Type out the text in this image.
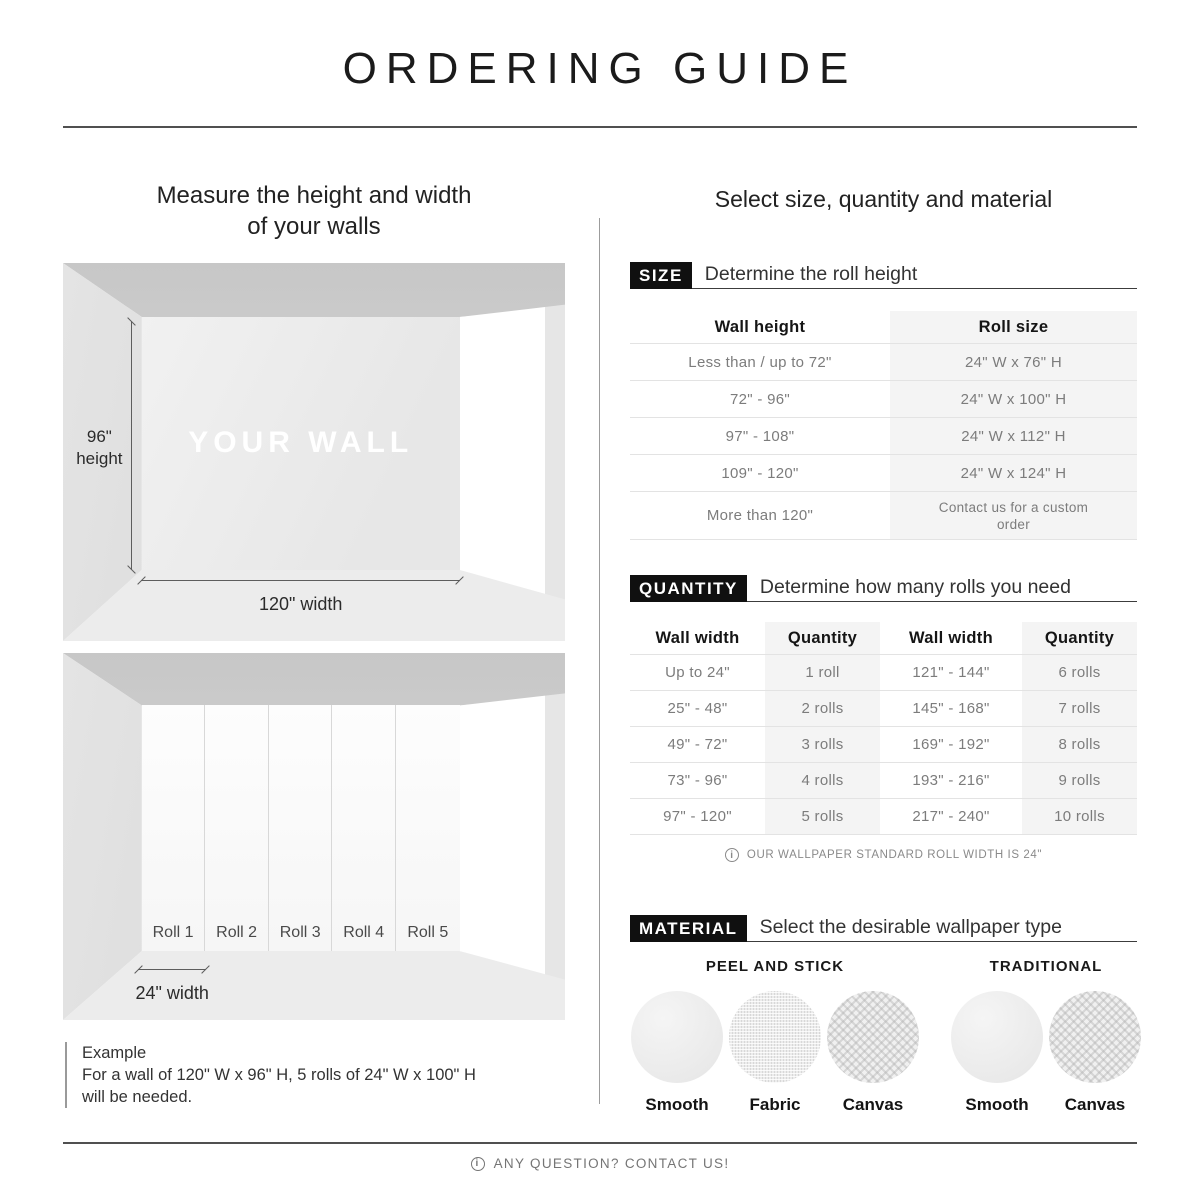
ORDERING GUIDE
Measure the height and width
of your walls
YOUR WALL
96"
height
120" width
Roll 1	Roll 2	Roll 3	Roll 4	Roll 5
24" width
Example
For a wall of 120" W x 96" H, 5 rolls of 24" W x 100" H
will be needed.
Select size, quantity and material
SIZE	Determine the roll height
Wall height	Roll size
Less than / up to 72"	24" W x 76" H
72" - 96"	24" W x 100" H
97" - 108"	24" W x 112" H
109" - 120"	24" W x 124" H
More than 120"	Contact us for a custom order
QUANTITY	Determine how many rolls you need
Wall width	Quantity	Wall width	Quantity
Up to 24"	1 roll	121" - 144"	6 rolls
25" - 48"	2 rolls	145" - 168"	7 rolls
49" - 72"	3 rolls	169" - 192"	8 rolls
73" - 96"	4 rolls	193" - 216"	9 rolls
97" - 120"	5 rolls	217" - 240"	10 rolls
i
OUR WALLPAPER STANDARD ROLL WIDTH IS 24"
MATERIAL	Select the desirable wallpaper type
PEEL AND STICK
Smooth	Fabric	Canvas
TRADITIONAL
Smooth	Canvas
i
ANY QUESTION? CONTACT US!
